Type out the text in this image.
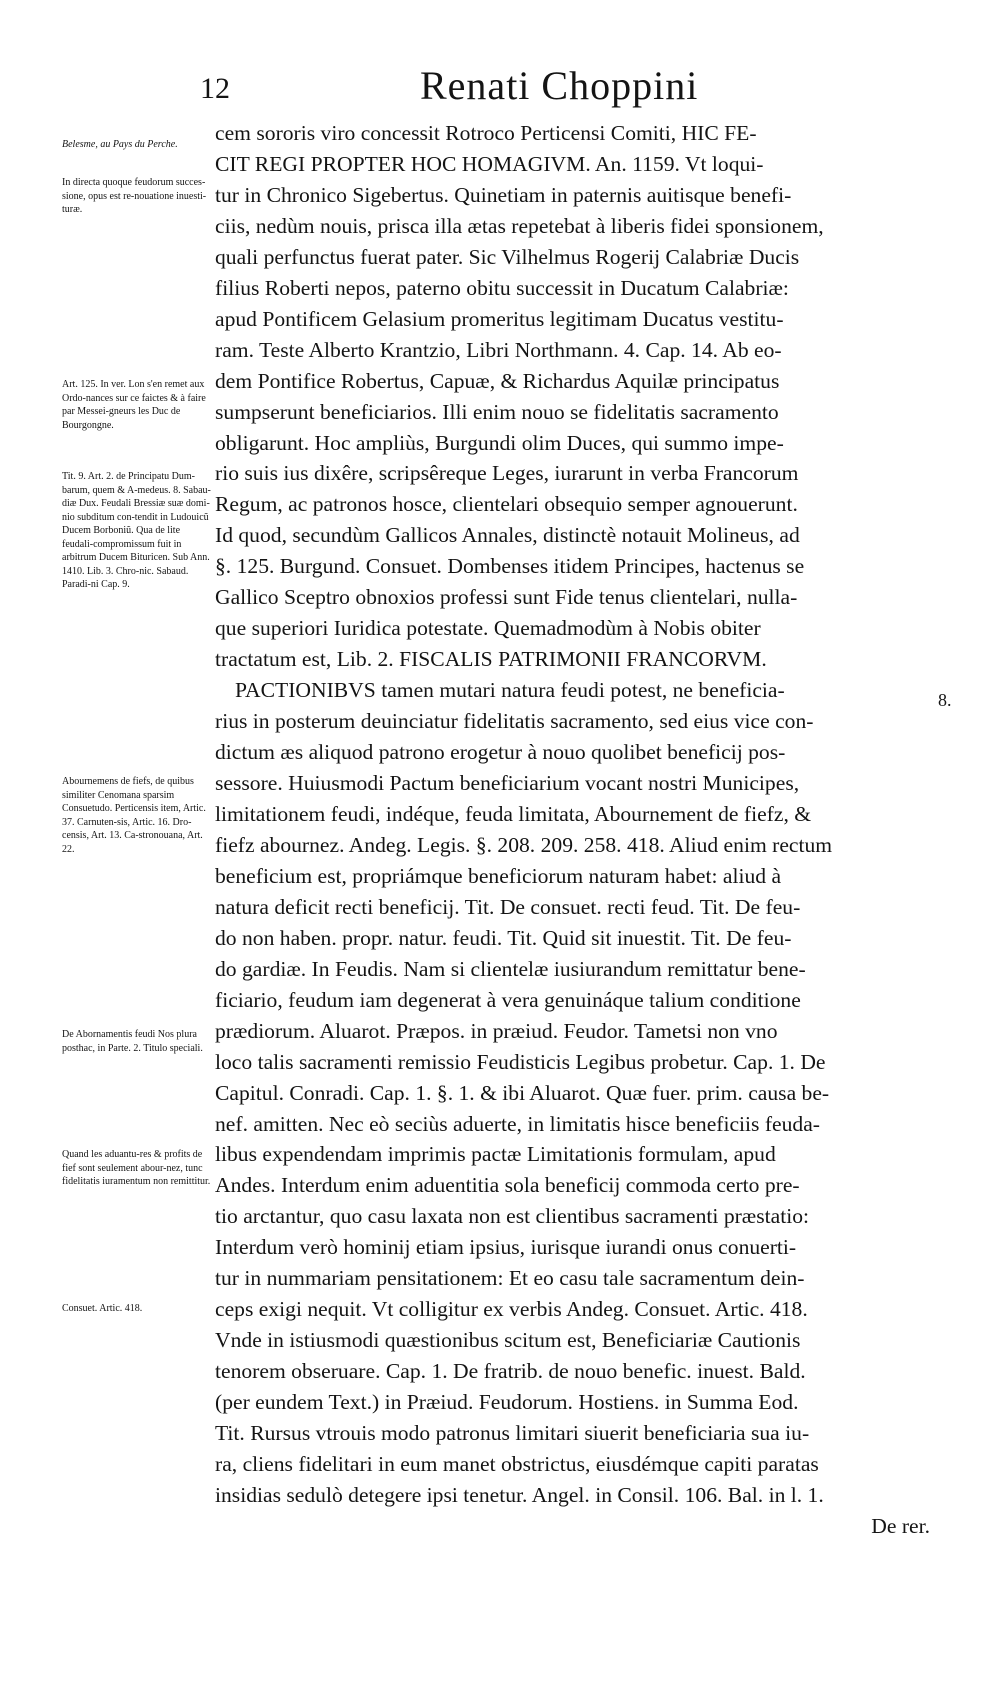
12	Renati Choppini
Belesme, au Pays du Perche.
In directa quoque feudorum succes-sione, opus est re-nouatione inuesti-turæ.
Art. 125. In ver. Lon s'en remet aux Ordo-nances sur ce faictes & à faire par Messei-gneurs les Duc de Bourgongne.
Tit. 9. Art. 2. de Principatu Dum-barum, quem & A-medeus. 8. Sabau-diæ Dux. Feudali Bressiæ suæ domi-nio subditum con-tendit in Ludouicũ Ducem Borboniũ. Qua de lite feudali-compromissum fuit in arbitrum Ducem Bituricen. Sub Ann. 1410. Lib. 3. Chro-nic. Sabaud. Paradi-ni Cap. 9.
Abournemens de fiefs, de quibus similiter Cenomana sparsim Consuetudo. Perticensis item, Artic. 37. Carnuten-sis, Artic. 16. Dro-censis, Art. 13. Ca-stronouana, Art. 22.
De Abornamentis feudi Nos plura posthac, in Parte. 2. Titulo speciali.
Quand les aduantu-res & profits de fief sont seulement abour-nez, tunc fidelitatis iuramentum non remittitur.
Consuet. Artic. 418.
cem sororis viro concessit Rotroco Perticensi Comiti, HIC FE-
CIT REGI PROPTER HOC HOMAGIVM. An. 1159. Vt loqui-
tur in Chronico Sigebertus. Quinetiam in paternis auitisque benefi-
ciis, nedùm nouis, prisca illa ætas repetebat à liberis fidei sponsionem,
quali perfunctus fuerat pater. Sic Vilhelmus Rogerij Calabriæ Ducis
filius Roberti nepos, paterno obitu successit in Ducatum Calabriæ:
apud Pontificem Gelasium promeritus legitimam Ducatus vestitu-
ram. Teste Alberto Krantzio, Libri Northmann. 4. Cap. 14. Ab eo-
dem Pontifice Robertus, Capuæ, & Richardus Aquilæ principatus
sumpserunt beneficiarios. Illi enim nouo se fidelitatis sacramento
obligarunt. Hoc ampliùs, Burgundi olim Duces, qui summo impe-
rio suis ius dixêre, scripsêreque Leges, iurarunt in verba Francorum
Regum, ac patronos hosce, clientelari obsequio semper agnouerunt.
Id quod, secundùm Gallicos Annales, distinctè notauit Molineus, ad
§. 125. Burgund. Consuet. Dombenses itidem Principes, hactenus se
Gallico Sceptro obnoxios professi sunt Fide tenus clientelari, nulla-
que superiori Iuridica potestate. Quemadmodùm à Nobis obiter
tractatum est, Lib. 2. FISCALIS PATRIMONII FRANCORVM.
PACTIONIBVS tamen mutari natura feudi potest, ne beneficia-
rius in posterum deuinciatur fidelitatis sacramento, sed eius vice con-
dictum æs aliquod patrono erogetur à nouo quolibet beneficij pos-
sessore. Huiusmodi Pactum beneficiarium vocant nostri Municipes,
limitationem feudi, indéque, feuda limitata, Abournement de fiefz, &
fiefz abournez. Andeg. Legis. §. 208. 209. 258. 418. Aliud enim rectum
beneficium est, propriámque beneficiorum naturam habet: aliud à
natura deficit recti beneficij. Tit. De consuet. recti feud. Tit. De feu-
do non haben. propr. natur. feudi. Tit. Quid sit inuestit. Tit. De feu-
do gardiæ. In Feudis. Nam si clientelæ iusiurandum remittatur bene-
ficiario, feudum iam degenerat à vera genuináque talium conditione
prædiorum. Aluarot. Præpos. in præiud. Feudor. Tametsi non vno
loco talis sacramenti remissio Feudisticis Legibus probetur. Cap. 1. De
Capitul. Conradi. Cap. 1. §. 1. & ibi Aluarot. Quæ fuer. prim. causa be-
nef. amitten. Nec eò seciùs aduerte, in limitatis hisce beneficiis feuda-
libus expendendam imprimis pactæ Limitationis formulam, apud
Andes. Interdum enim aduentitia sola beneficij commoda certo pre-
tio arctantur, quo casu laxata non est clientibus sacramenti præstatio:
Interdum verò hominij etiam ipsius, iurisque iurandi onus conuerti-
tur in nummariam pensitationem: Et eo casu tale sacramentum dein-
ceps exigi nequit. Vt colligitur ex verbis Andeg. Consuet. Artic. 418.
Vnde in istiusmodi quæstionibus scitum est, Beneficiariæ Cautionis
tenorem obseruare. Cap. 1. De fratrib. de nouo benefic. inuest. Bald.
(per eundem Text.) in Præiud. Feudorum. Hostiens. in Summa Eod.
Tit. Rursus vtrouis modo patronus limitari siuerit beneficiaria sua iu-
ra, cliens fidelitari in eum manet obstrictus, eiusdémque capiti paratas
insidias sedulò detegere ipsi tenetur. Angel. in Consil. 106. Bal. in l. 1.
De rer.
8.
